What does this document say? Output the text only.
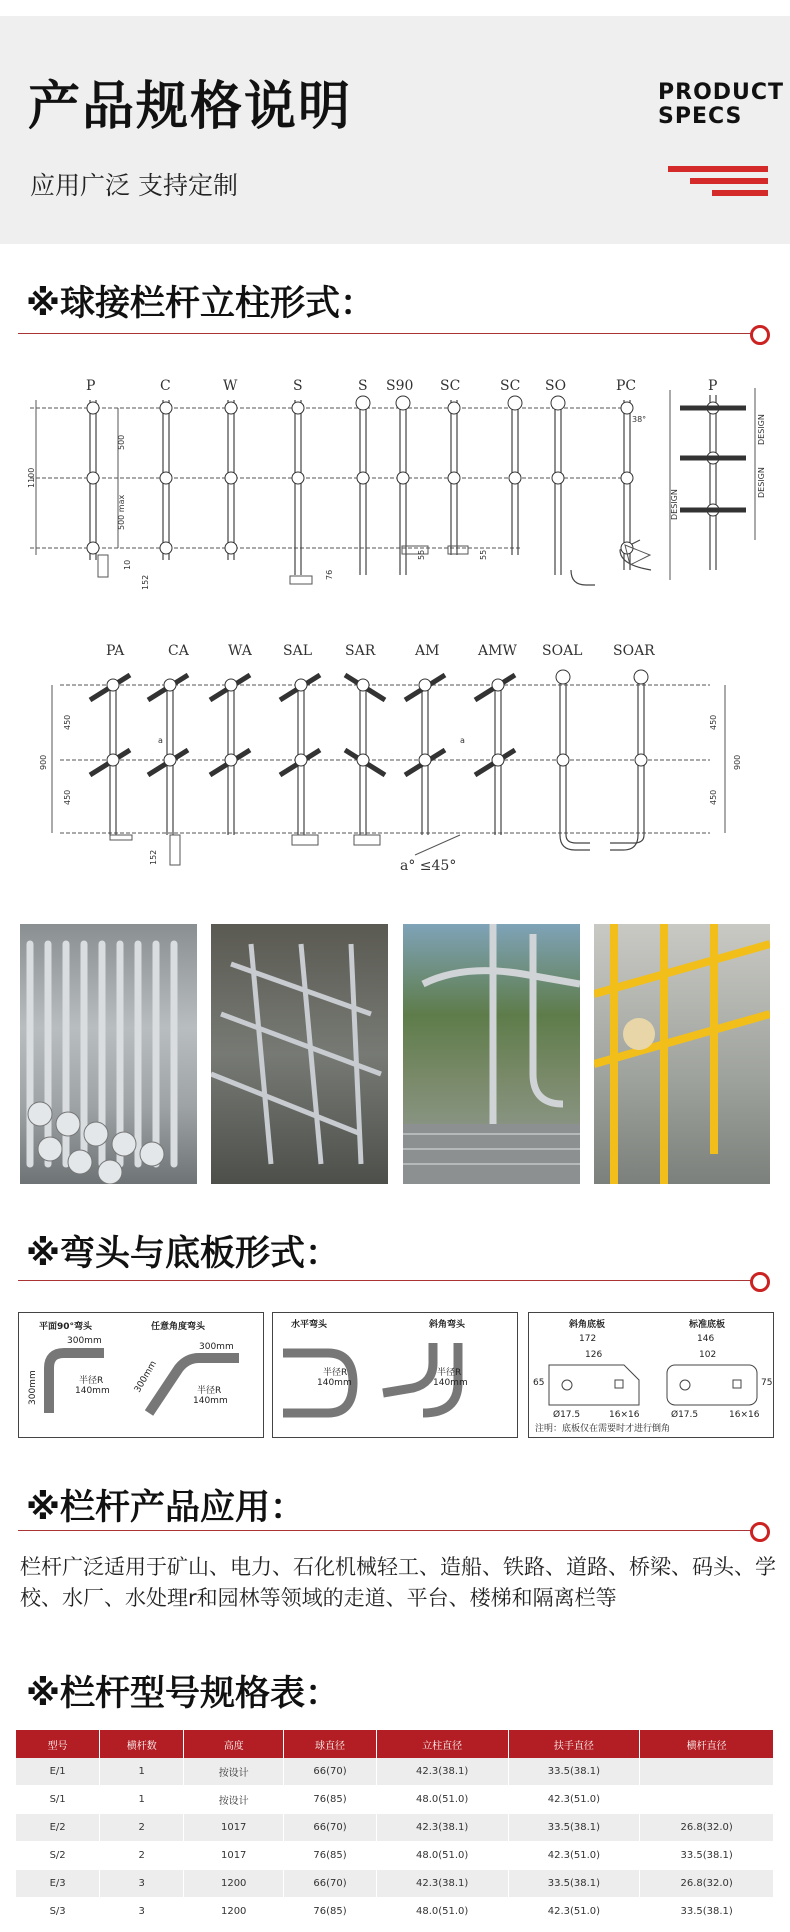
产品规格说明
应用广泛 支持定制
PRODUCT
SPECS
※球接栏杆立柱形式：
P	C	W	S	S S90 SC	SC SO	PC	P
1100
500
500 max
152
10
55	55
76
38°
DESIGN
DESIGN
DESIGN
PA	CA	WA SAL SAR	AM	AMW SOAL SOAR
900
450
450
900
450
450
152
a° ≤45°
a	a
※弯头与底板形式：
平面90°弯头	任意角度弯头
300mm
300mm	半径R
140mm
300mm
300mm	半径R
140mm
水平弯头	斜角弯头
半径R
140mm
半径R
140mm
斜角底板	标准底板
172
126
65
Ø17.5	16×16
146
102
75
Ø17.5	16×16
注明：底板仅在需要时才进行倒角
※栏杆产品应用：
栏杆广泛适用于矿山、电力、石化机械轻工、造船、铁路、道路、桥梁、码头、学校、水厂、水处理r和园林等领域的走道、平台、楼梯和隔离栏等
※栏杆型号规格表：
型号	横杆数	高度	球直径	立柱直径	扶手直径	横杆直径
E/1	1	按设计	66(70)	42.3(38.1)	33.5(38.1)	
S/1	1	按设计	76(85)	48.0(51.0)	42.3(51.0)	
E/2	2	1017	66(70)	42.3(38.1)	33.5(38.1)	26.8(32.0)
S/2	2	1017	76(85)	48.0(51.0)	42.3(51.0)	33.5(38.1)
E/3	3	1200	66(70)	42.3(38.1)	33.5(38.1)	26.8(32.0)
S/3	3	1200	76(85)	48.0(51.0)	42.3(51.0)	33.5(38.1)
